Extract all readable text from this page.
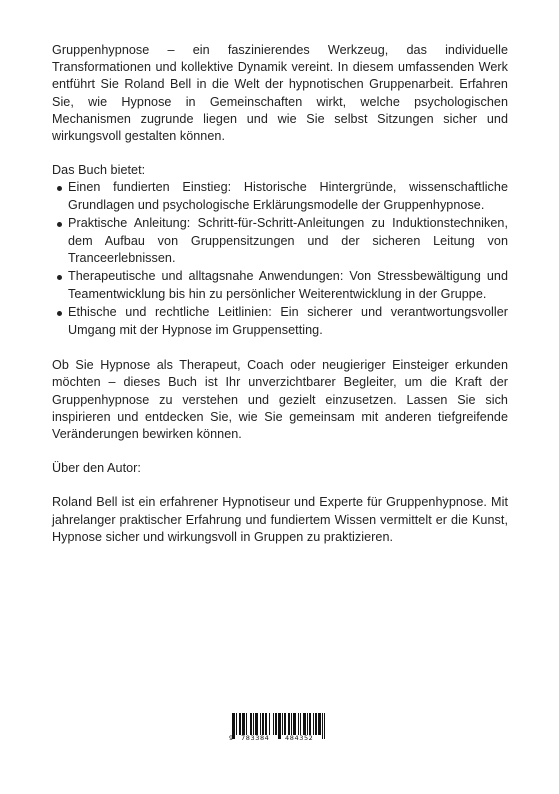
Gruppenhypnose – ein faszinierendes Werkzeug, das individuelle Transformationen und kollektive Dynamik vereint. In diesem umfassenden Werk entführt Sie Roland Bell in die Welt der hypnotischen Gruppenarbeit. Erfahren Sie, wie Hypnose in Gemeinschaften wirkt, welche psychologischen Mechanismen zugrunde liegen und wie Sie selbst Sitzungen sicher und wirkungsvoll gestalten können.

Das Buch bietet:

Einen fundierten Einstieg: Historische Hintergründe, wissenschaftliche Grundlagen und psychologische Erklärungsmodelle der Gruppenhypnose.
Praktische Anleitung: Schritt-für-Schritt-Anleitungen zu Induktionstechniken, dem Aufbau von Gruppensitzungen und der sicheren Leitung von Tranceerlebnissen.
Therapeutische und alltagsnahe Anwendungen: Von Stressbewältigung und Teamentwicklung bis hin zu persönlicher Weiterentwicklung in der Gruppe.
Ethische und rechtliche Leitlinien: Ein sicherer und verantwortungsvoller Umgang mit der Hypnose im Gruppensetting.

Ob Sie Hypnose als Therapeut, Coach oder neugieriger Einsteiger erkunden möchten – dieses Buch ist Ihr unverzichtbarer Begleiter, um die Kraft der Gruppenhypnose zu verstehen und gezielt einzusetzen. Lassen Sie sich inspirieren und entdecken Sie, wie Sie gemeinsam mit anderen tiefgreifende Veränderungen bewirken können.

Über den Autor:

Roland Bell ist ein erfahrener Hypnotiseur und Experte für Gruppenhypnose. Mit jahrelanger praktischer Erfahrung und fundiertem Wissen vermittelt er die Kunst, Hypnose sicher und wirkungsvoll in Gruppen zu praktizieren.

9 783384 484352
